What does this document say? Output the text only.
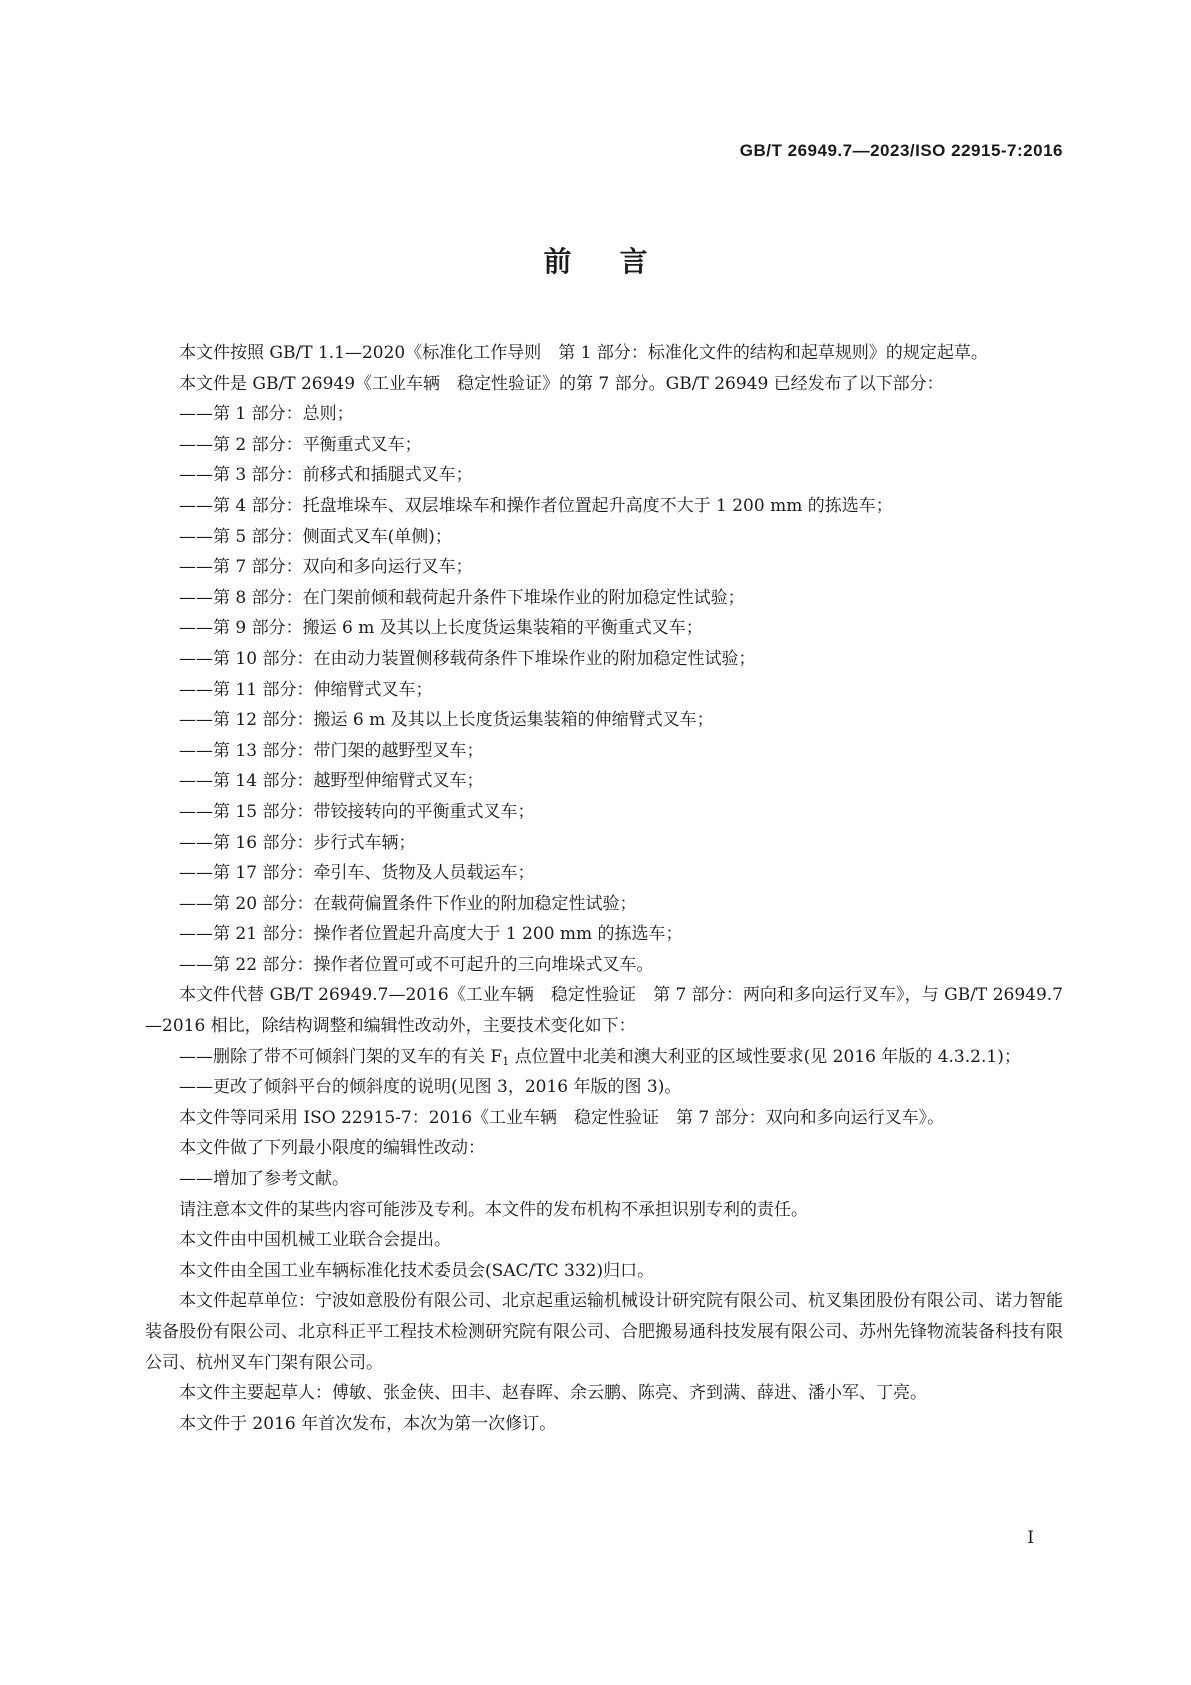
GB/T 26949.7—2023/ISO 22915-7:2016
前言

本文件按照 GB/T 1.1—2020《标准化工作导则　第 1 部分：标准化文件的结构和起草规则》的规定起草。

本文件是 GB/T 26949《工业车辆　稳定性验证》的第 7 部分。GB/T 26949 已经发布了以下部分：

——第 1 部分：总则；
——第 2 部分：平衡重式叉车；
——第 3 部分：前移式和插腿式叉车；
——第 4 部分：托盘堆垛车、双层堆垛车和操作者位置起升高度不大于 1 200 mm 的拣选车；
——第 5 部分：侧面式叉车(单侧)；
——第 7 部分：双向和多向运行叉车；
——第 8 部分：在门架前倾和载荷起升条件下堆垛作业的附加稳定性试验；
——第 9 部分：搬运 6 m 及其以上长度货运集装箱的平衡重式叉车；
——第 10 部分：在由动力装置侧移载荷条件下堆垛作业的附加稳定性试验；
——第 11 部分：伸缩臂式叉车；
——第 12 部分：搬运 6 m 及其以上长度货运集装箱的伸缩臂式叉车；
——第 13 部分：带门架的越野型叉车；
——第 14 部分：越野型伸缩臂式叉车；
——第 15 部分：带铰接转向的平衡重式叉车；
——第 16 部分：步行式车辆；
——第 17 部分：牵引车、货物及人员载运车；
——第 20 部分：在载荷偏置条件下作业的附加稳定性试验；
——第 21 部分：操作者位置起升高度大于 1 200 mm 的拣选车；
——第 22 部分：操作者位置可或不可起升的三向堆垛式叉车。

本文件代替 GB/T 26949.7—2016《工业车辆　稳定性验证　第 7 部分：两向和多向运行叉车》，与 GB/T 26949.7—2016 相比，除结构调整和编辑性改动外，主要技术变化如下：

——删除了带不可倾斜门架的叉车的有关 $F_1$ 点位置中北美和澳大利亚的区域性要求(见 2016 年版的 4.3.2.1)；
——更改了倾斜平台的倾斜度的说明(见图 3，2016 年版的图 3)。

本文件等同采用 ISO 22915-7：2016《工业车辆　稳定性验证　第 7 部分：双向和多向运行叉车》。

本文件做了下列最小限度的编辑性改动：

——增加了参考文献。

请注意本文件的某些内容可能涉及专利。本文件的发布机构不承担识别专利的责任。

本文件由中国机械工业联合会提出。

本文件由全国工业车辆标准化技术委员会(SAC/TC 332)归口。

本文件起草单位：宁波如意股份有限公司、北京起重运输机械设计研究院有限公司、杭叉集团股份有限公司、诺力智能装备股份有限公司、北京科正平工程技术检测研究院有限公司、合肥搬易通科技发展有限公司、苏州先锋物流装备科技有限公司、杭州叉车门架有限公司。

本文件主要起草人：傅敏、张金侠、田丰、赵春晖、余云鹏、陈亮、齐到满、薛进、潘小军、丁亮。

本文件于 2016 年首次发布，本次为第一次修订。

I
